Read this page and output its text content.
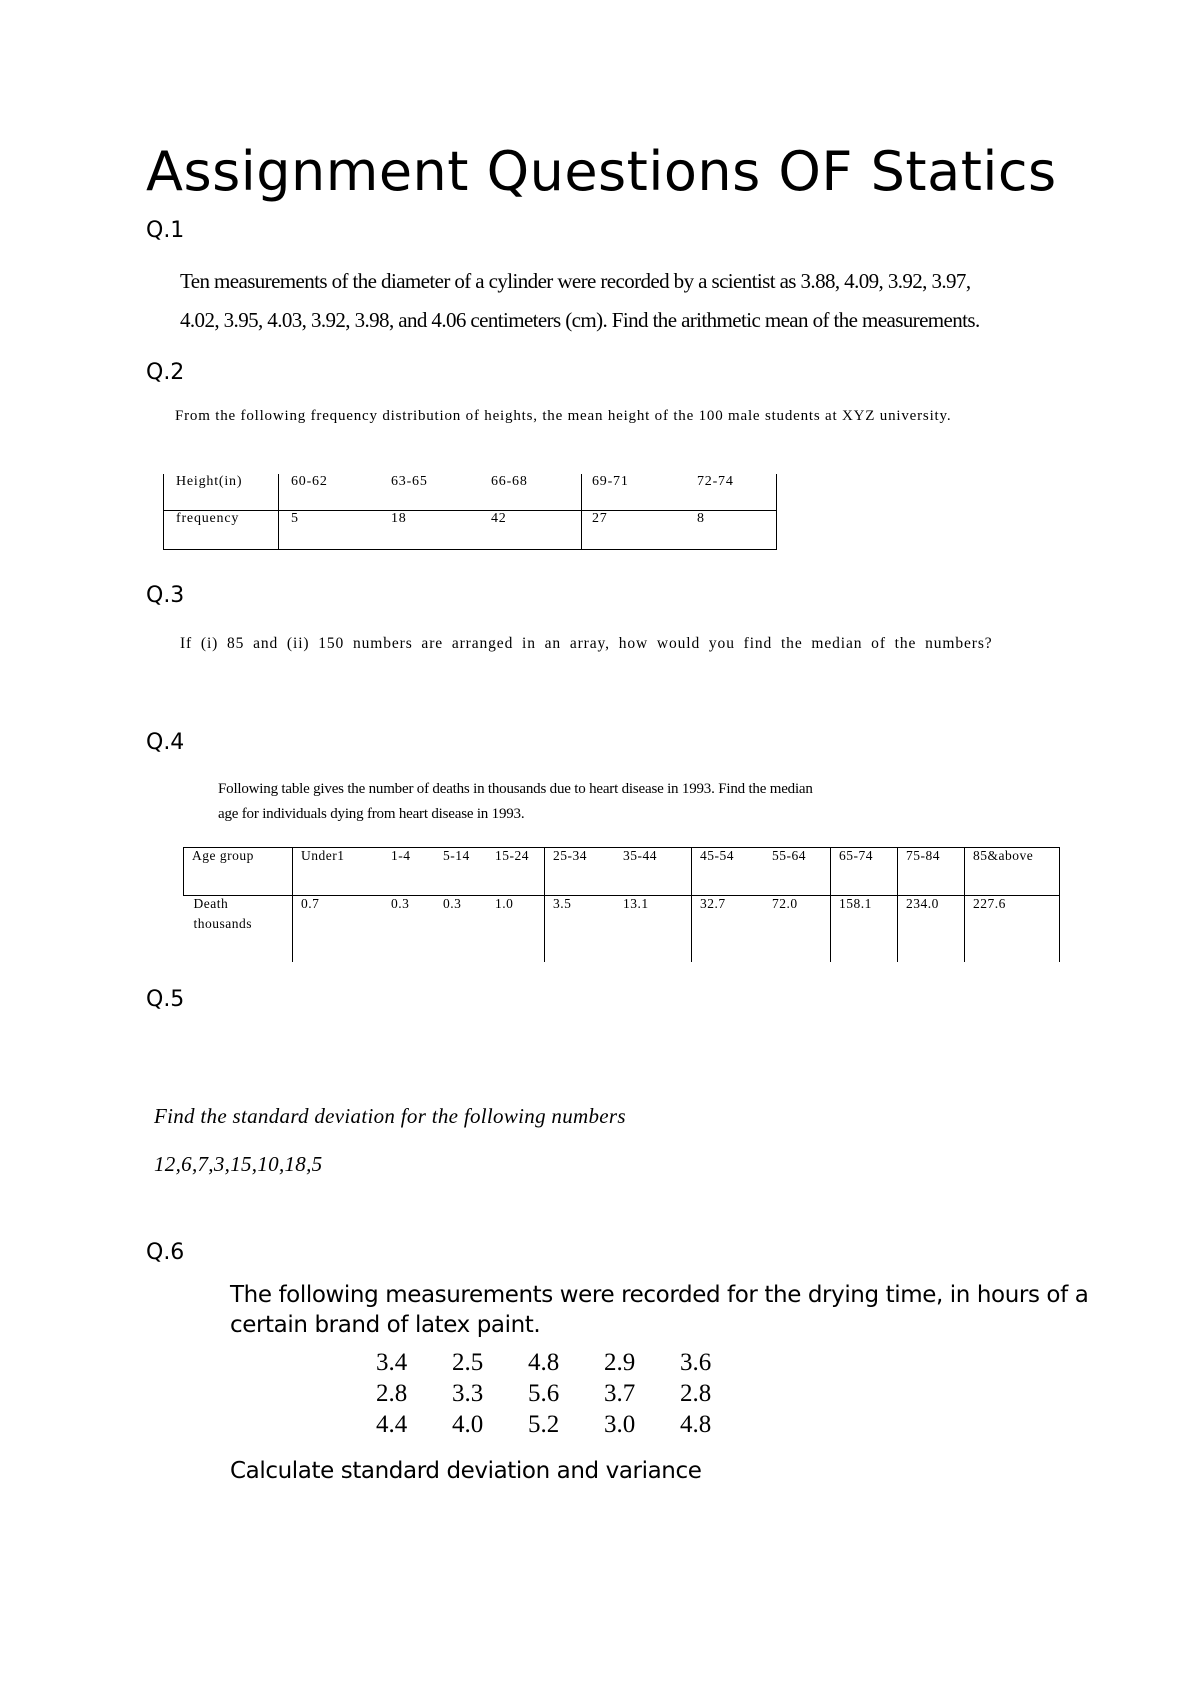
Assignment Questions OF Statics
Q.1
Ten measurements of the diameter of a cylinder were recorded by a scientist as 3.88, 4.09, 3.92, 3.97,
4.02, 3.95, 4.03, 3.92, 3.98, and 4.06 centimeters (cm). Find the arithmetic mean of the measurements.
Q.2
From the following frequency distribution of heights, the mean height of the 100 male students at XYZ university.
Height(in)	60-62	63-65	66-68	69-71	72-74
frequency	5	18	42	27	8
Q.3
If (i) 85 and (ii) 150 numbers are arranged in an array, how would you find the median of the numbers?
Q.4
Following table gives the number of deaths in thousands due to heart disease in 1993. Find the median
age for individuals dying from heart disease in 1993.
Age group	Under1	1-4	5-14	15-24	25-34	35-44	45-54	55-64	65-74	75-84	85&above

Death
thousands	0.7	0.3	0.3	1.0	3.5	13.1	32.7	72.0	158.1	234.0	227.6
Q.5
Find the standard deviation for the following numbers
12,6,7,3,15,10,18,5
Q.6
The following measurements were recorded for the drying time, in hours of a certain brand of latex paint.
3.4	2.5	4.8	2.9	3.6
2.8	3.3	5.6	3.7	2.8
4.4	4.0	5.2	3.0	4.8
Calculate standard deviation and variance
